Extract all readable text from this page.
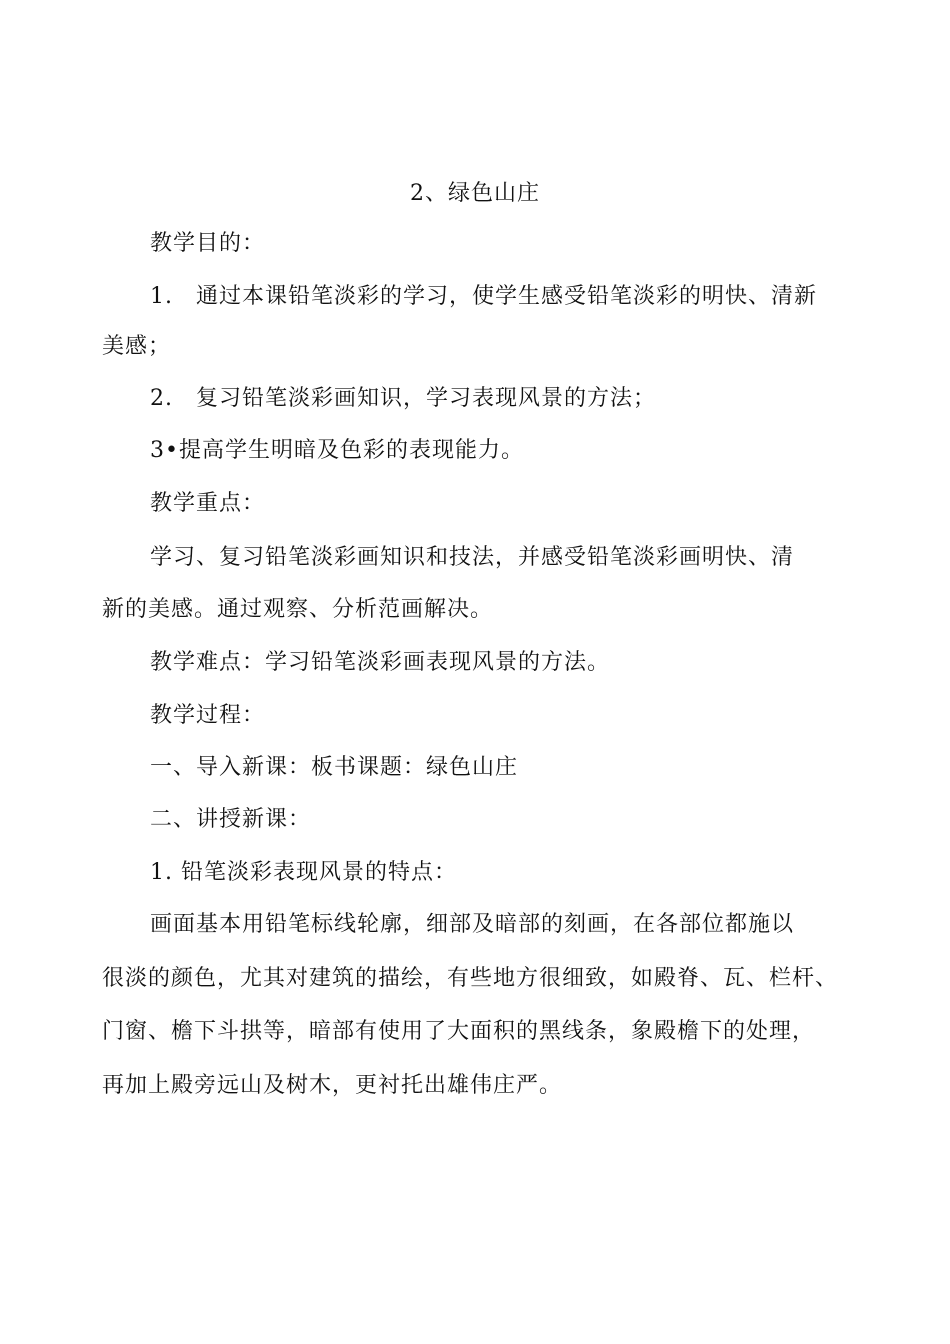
2、绿色山庄
教学目的：
1.　通过本课铅笔淡彩的学习，使学生感受铅笔淡彩的明快、清新
美感；
2.　复习铅笔淡彩画知识，学习表现风景的方法；
3•提高学生明暗及色彩的表现能力。
教学重点：
学习、复习铅笔淡彩画知识和技法，并感受铅笔淡彩画明快、清
新的美感。通过观察、分析范画解决。
教学难点：学习铅笔淡彩画表现风景的方法。
教学过程：
一、导入新课：板书课题：绿色山庄
二、讲授新课：
1. 铅笔淡彩表现风景的特点：
画面基本用铅笔标线轮廓，细部及暗部的刻画，在各部位都施以
很淡的颜色，尤其对建筑的描绘，有些地方很细致，如殿脊、瓦、栏杆、
门窗、檐下斗拱等，暗部有使用了大面积的黑线条，象殿檐下的处理，
再加上殿旁远山及树木，更衬托出雄伟庄严。
